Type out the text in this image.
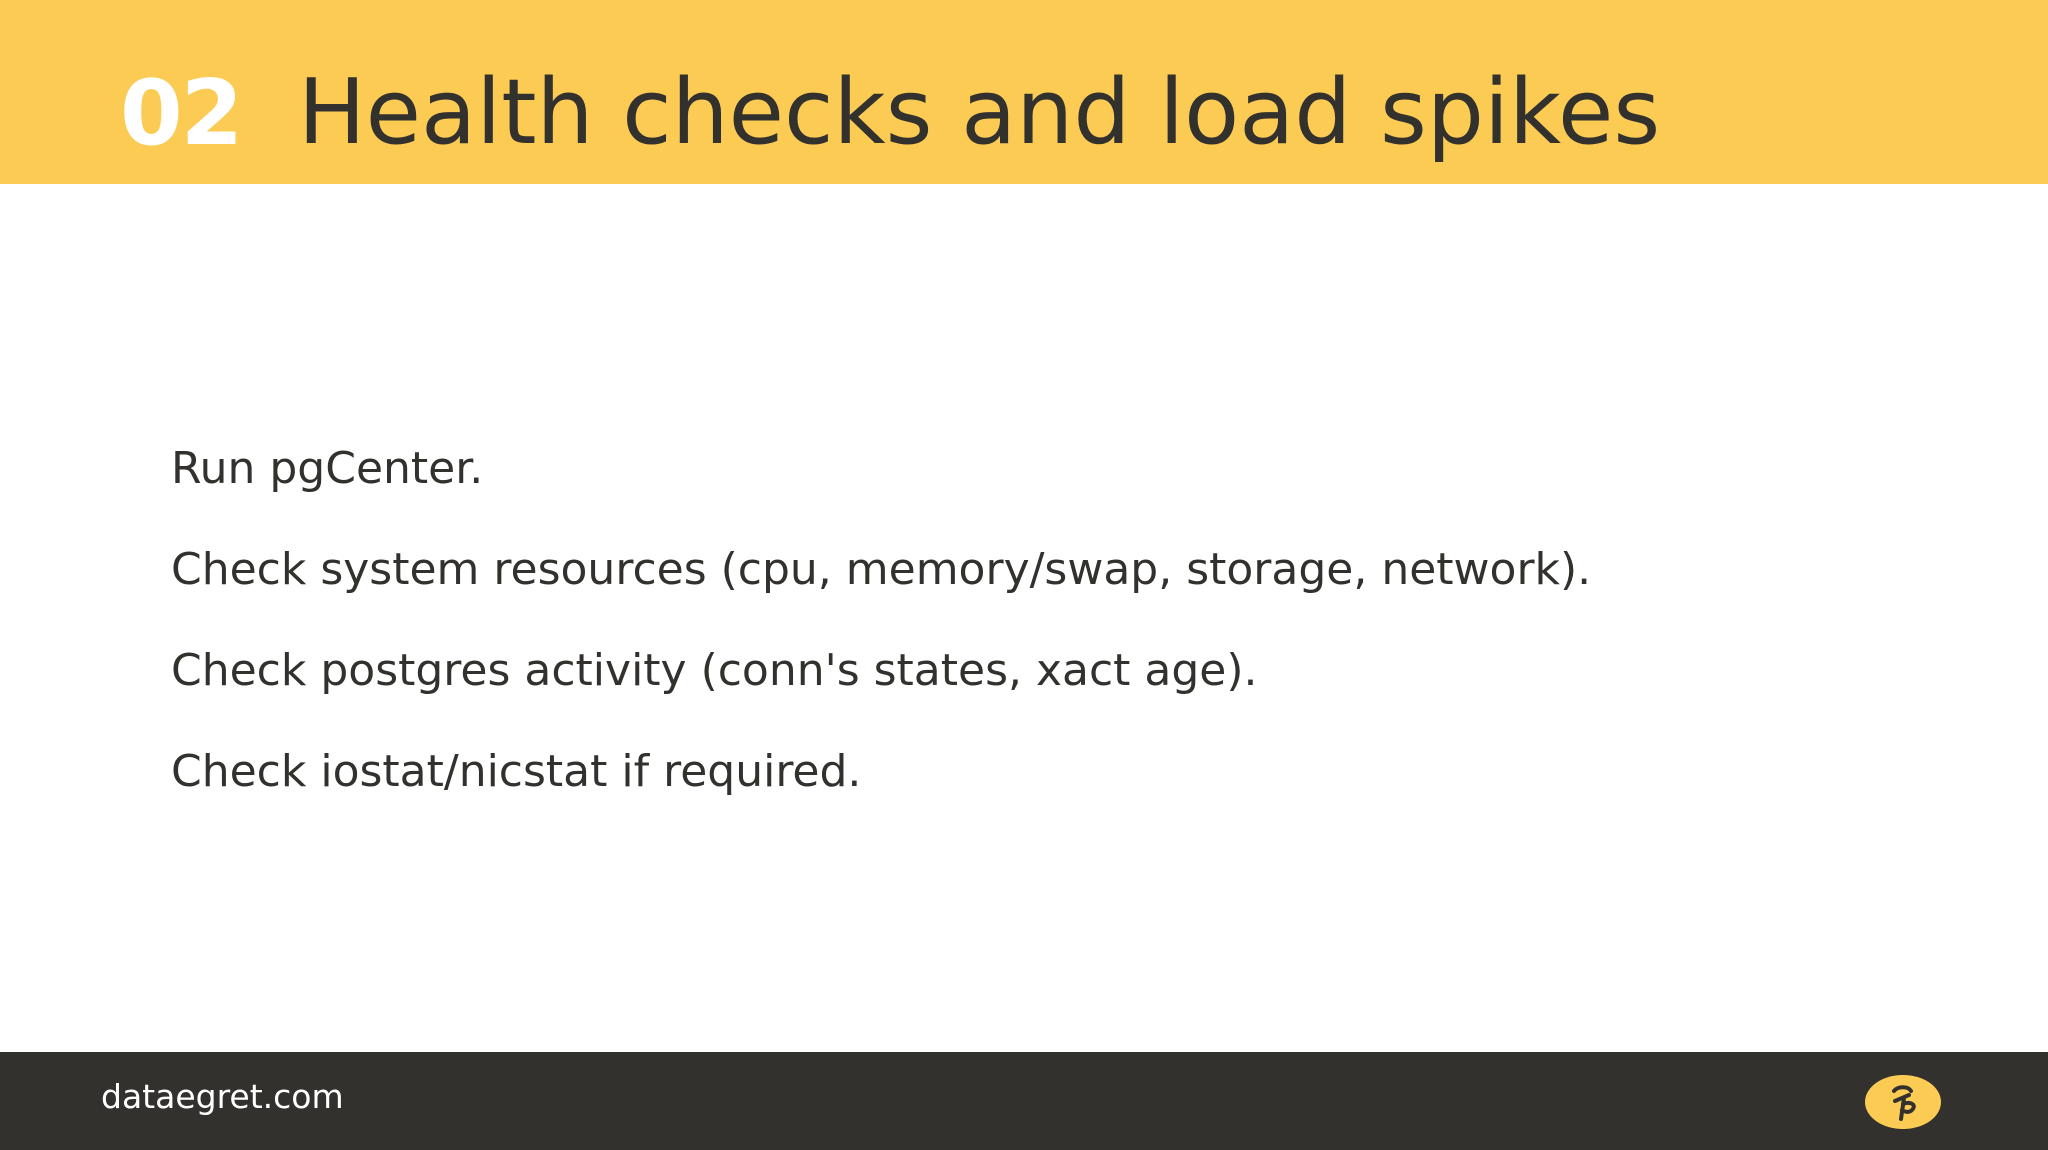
02 Health checks and load spikes
Run pgCenter.
Check system resources (cpu, memory/swap, storage, network).
Check postgres activity (conn's states, xact age).
Check iostat/nicstat if required.
dataegret.com
